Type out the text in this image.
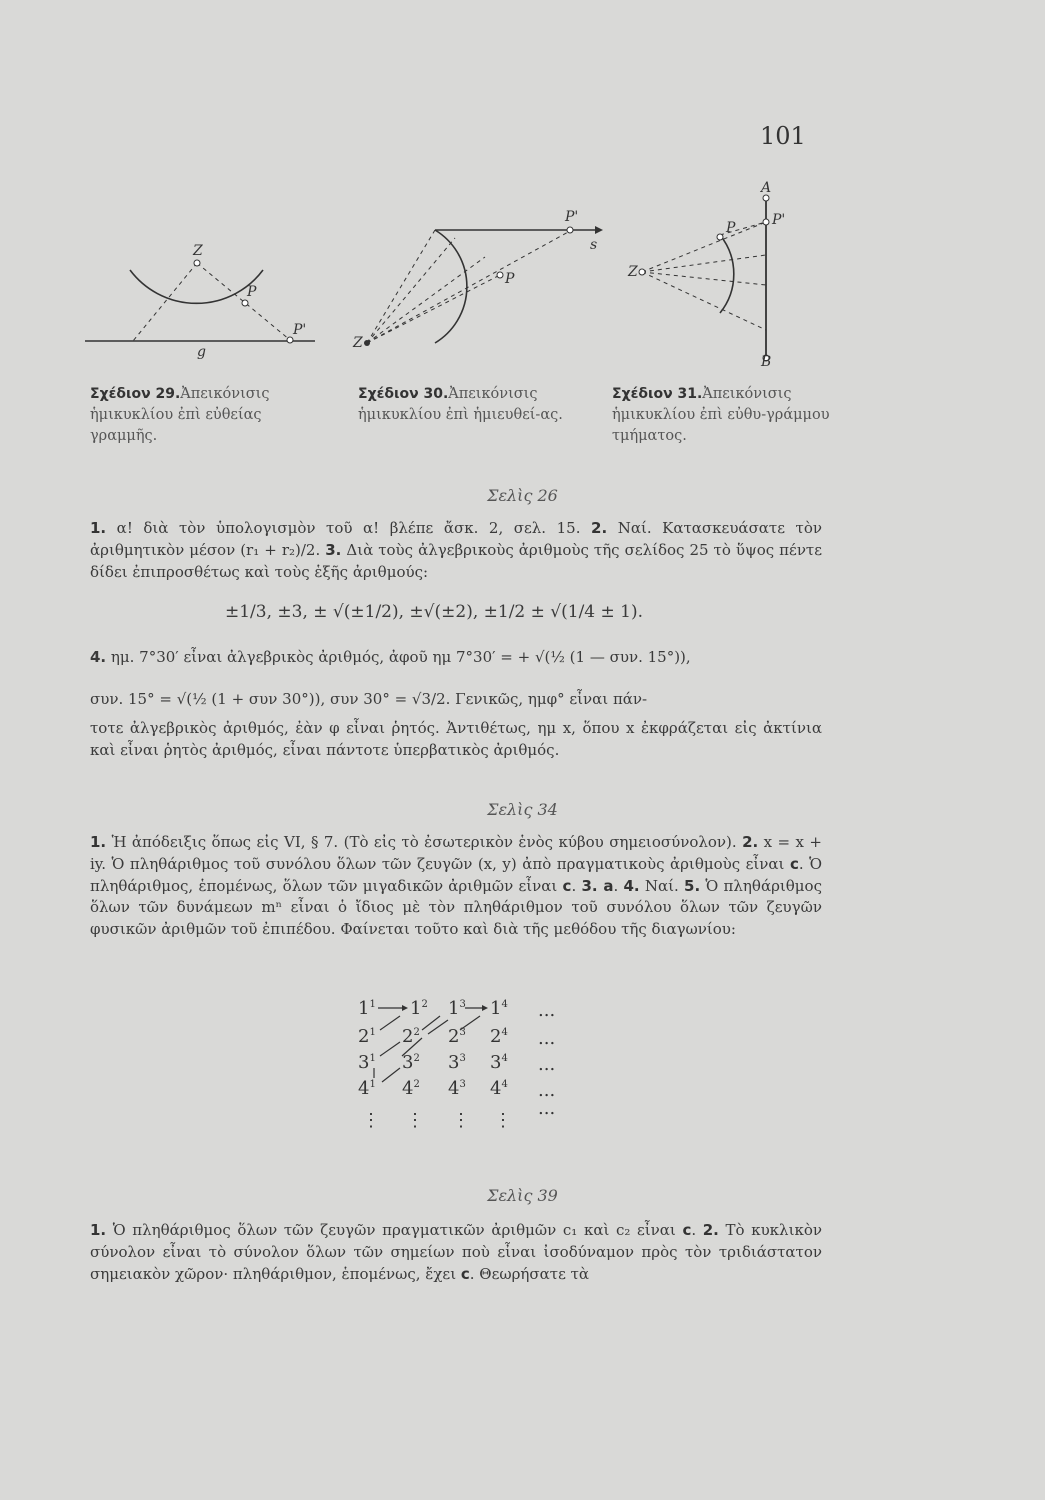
101
Z
P
P'
g
Σχέδιον 29.Ἀπεικόνισις ἡμικυκλίου ἐπὶ εὐθείας γραμμῆς.
Z
P
P'
s
Σχέδιον 30.Ἀπεικόνισις ἡμικυκλίου ἐπὶ ἡμιευθεί-ας.
A
B
Z
P	P'
Σχέδιον 31.Ἀπεικόνισις ἡμικυκλίου ἐπὶ εὐθυ-γράμμου τμήματος.
Σελὶς 26
1. α! διὰ τὸν ὑπολογισμὸν τοῦ α! βλέπε ἄσκ. 2, σελ. 15. 2. Ναί. Κατασκευάσατε τὸν ἀριθμητικὸν μέσον (r₁ + r₂)/2. 3. Διὰ τοὺς ἀλγεβρικοὺς ἀριθμοὺς τῆς σελίδος 25 τὸ ὕψος πέντε δίδει ἐπιπροσθέτως καὶ τοὺς ἑξῆς ἀριθμούς:
±1/3, ±3, ± √(±1/2), ±√(±2), ±1/2 ± √(1/4 ± 1).
4. ημ. 7°30′ εἶναι ἀλγεβρικὸς ἀριθμός, ἀφοῦ ημ 7°30′ = + √(½ (1 — συν. 15°)),
συν. 15° = √(½ (1 + συν 30°)), συν 30° = √3/2. Γενικῶς, ημφ° εἶναι πάν-
τοτε ἀλγεβρικὸς ἀριθμός, ἐὰν φ εἶναι ῥητός. Ἀντιθέτως, ημ x, ὅπου x ἐκφράζεται εἰς ἀκτίνια καὶ εἶναι ῥητὸς ἀριθμός, εἶναι πάντοτε ὑπερβατικὸς ἀριθμός.
Σελὶς 34
1. Ἡ ἀπόδειξις ὅπως εἰς VI, § 7. (Τὸ εἰς τὸ ἐσωτερικὸν ἑνὸς κύβου σημειοσύνολον). 2. x = x + iy. Ὁ πληθάριθμος τοῦ συνόλου ὅλων τῶν ζευγῶν (x, y) ἀπὸ πραγματικοὺς ἀριθμοὺς εἶναι c. Ὁ πληθάριθμος, ἑπομένως, ὅλων τῶν μιγαδικῶν ἀριθμῶν εἶναι c. 3. a. 4. Ναί. 5. Ὁ πληθάριθμος ὅλων τῶν δυνάμεων mⁿ εἶναι ὁ ἴδιος μὲ τὸν πληθάριθμον τοῦ συνόλου ὅλων τῶν ζευγῶν φυσικῶν ἀριθμῶν τοῦ ἐπιπέδου. Φαίνεται τοῦτο καὶ διὰ τῆς μεθόδου τῆς διαγωνίου:
$1^1$ $1^2$ $1^3$ $1^4$
$2^1$ $2^2$ $2^3$ $2^4$
$3^1$ $3^2$ $3^3$ $3^4$
$4^1$ $4^2$ $4^3$ $4^4$
...
...
...
...
...
⋮ ⋮ ⋮ ⋮
Σελὶς 39
1. Ὁ πληθάριθμος ὅλων τῶν ζευγῶν πραγματικῶν ἀριθμῶν c₁ καὶ c₂ εἶναι c. 2. Τὸ κυκλικὸν σύνολον εἶναι τὸ σύνολον ὅλων τῶν σημείων ποὺ εἶναι ἰσοδύναμον πρὸς τὸν τριδιάστατον σημειακὸν χῶρον· πληθάριθμον, ἑπομένως, ἔχει c. Θεωρήσατε τὰ
